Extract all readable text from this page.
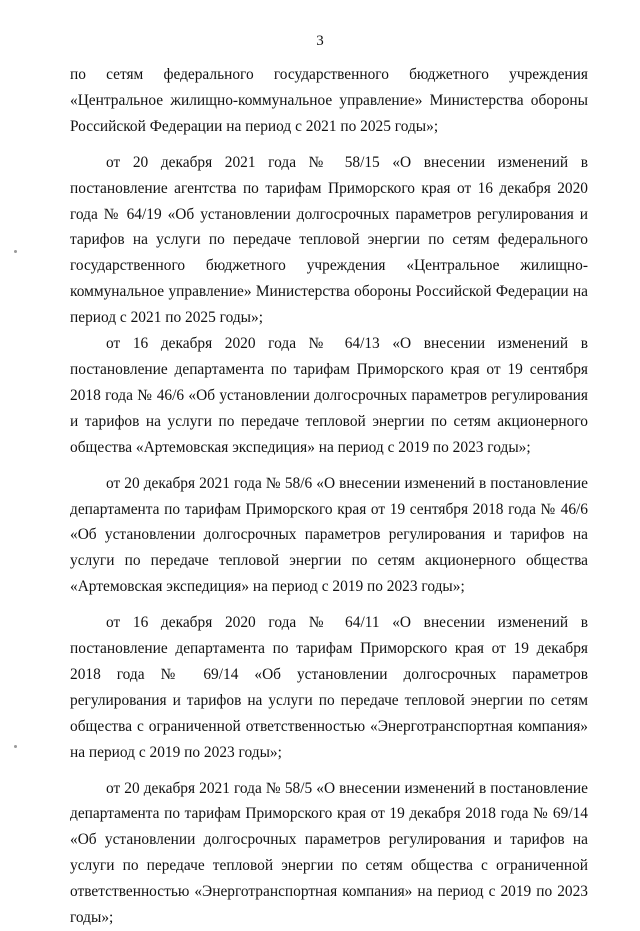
3

по сетям федерального государственного бюджетного учреждения «Центральное жилищно-коммунальное управление» Министерства обороны Российской Федерации на период с 2021 по 2025 годы»;

от 20 декабря 2021 года № 58/15 «О внесении изменений в постановление агентства по тарифам Приморского края от 16 декабря 2020 года № 64/19 «Об установлении долгосрочных параметров регулирования и тарифов на услуги по передаче тепловой энергии по сетям федерального государственного бюджетного учреждения «Центральное жилищно-коммунальное управление» Министерства обороны Российской Федерации на период с 2021 по 2025 годы»;

от 16 декабря 2020 года № 64/13 «О внесении изменений в постановление департамента по тарифам Приморского края от 19 сентября 2018 года № 46/6 «Об установлении долгосрочных параметров регулирования и тарифов на услуги по передаче тепловой энергии по сетям акционерного общества «Артемовская экспедиция» на период с 2019 по 2023 годы»;

от 20 декабря 2021 года № 58/6 «О внесении изменений в постановление департамента по тарифам Приморского края от 19 сентября 2018 года № 46/6 «Об установлении долгосрочных параметров регулирования и тарифов на услуги по передаче тепловой энергии по сетям акционерного общества «Артемовская экспедиция» на период с 2019 по 2023 годы»;

от 16 декабря 2020 года № 64/11 «О внесении изменений в постановление департамента по тарифам Приморского края от 19 декабря 2018 года № 69/14 «Об установлении долгосрочных параметров регулирования и тарифов на услуги по передаче тепловой энергии по сетям общества с ограниченной ответственностью «Энерготранспортная компания» на период с 2019 по 2023 годы»;

от 20 декабря 2021 года № 58/5 «О внесении изменений в постановление департамента по тарифам Приморского края от 19 декабря 2018 года № 69/14 «Об установлении долгосрочных параметров регулирования и тарифов на услуги по передаче тепловой энергии по сетям общества с ограниченной ответственностью «Энерготранспортная компания» на период с 2019 по 2023 годы»;
